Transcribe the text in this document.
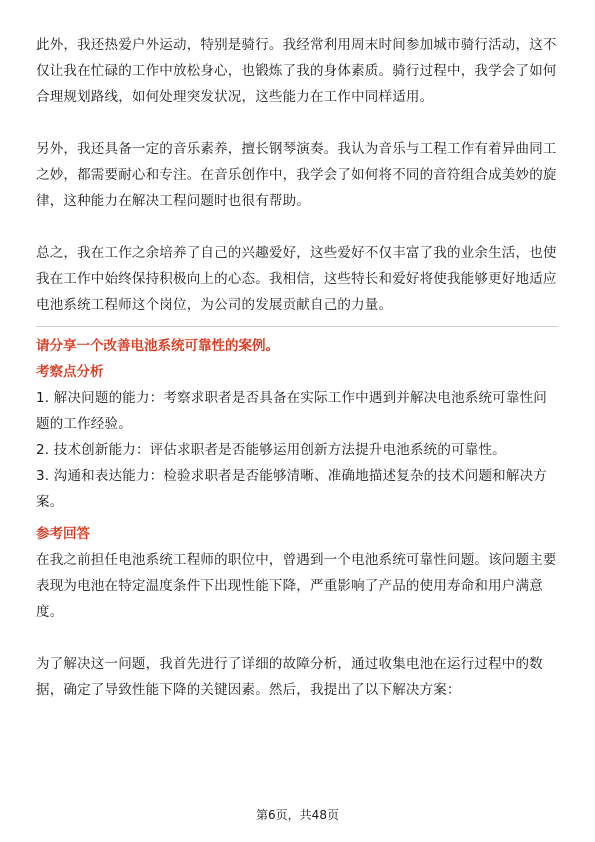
此外，我还热爱户外运动，特别是骑行。我经常利用周末时间参加城市骑行活动，这不仅让我在忙碌的工作中放松身心，也锻炼了我的身体素质。骑行过程中，我学会了如何合理规划路线，如何处理突发状况，这些能力在工作中同样适用。

另外，我还具备一定的音乐素养，擅长钢琴演奏。我认为音乐与工程工作有着异曲同工之妙，都需要耐心和专注。在音乐创作中，我学会了如何将不同的音符组合成美妙的旋律，这种能力在解决工程问题时也很有帮助。

总之，我在工作之余培养了自己的兴趣爱好，这些爱好不仅丰富了我的业余生活，也使我在工作中始终保持积极向上的心态。我相信，这些特长和爱好将使我能够更好地适应电池系统工程师这个岗位，为公司的发展贡献自己的力量。

请分享一个改善电池系统可靠性的案例。

考察点分析

1. 解决问题的能力：考察求职者是否具备在实际工作中遇到并解决电池系统可靠性问题的工作经验。

2. 技术创新能力：评估求职者是否能够运用创新方法提升电池系统的可靠性。

3. 沟通和表达能力：检验求职者是否能够清晰、准确地描述复杂的技术问题和解决方案。

参考回答

在我之前担任电池系统工程师的职位中，曾遇到一个电池系统可靠性问题。该问题主要表现为电池在特定温度条件下出现性能下降，严重影响了产品的使用寿命和用户满意度。

为了解决这一问题，我首先进行了详细的故障分析，通过收集电池在运行过程中的数据，确定了导致性能下降的关键因素。然后，我提出了以下解决方案：

第6页，共48页
